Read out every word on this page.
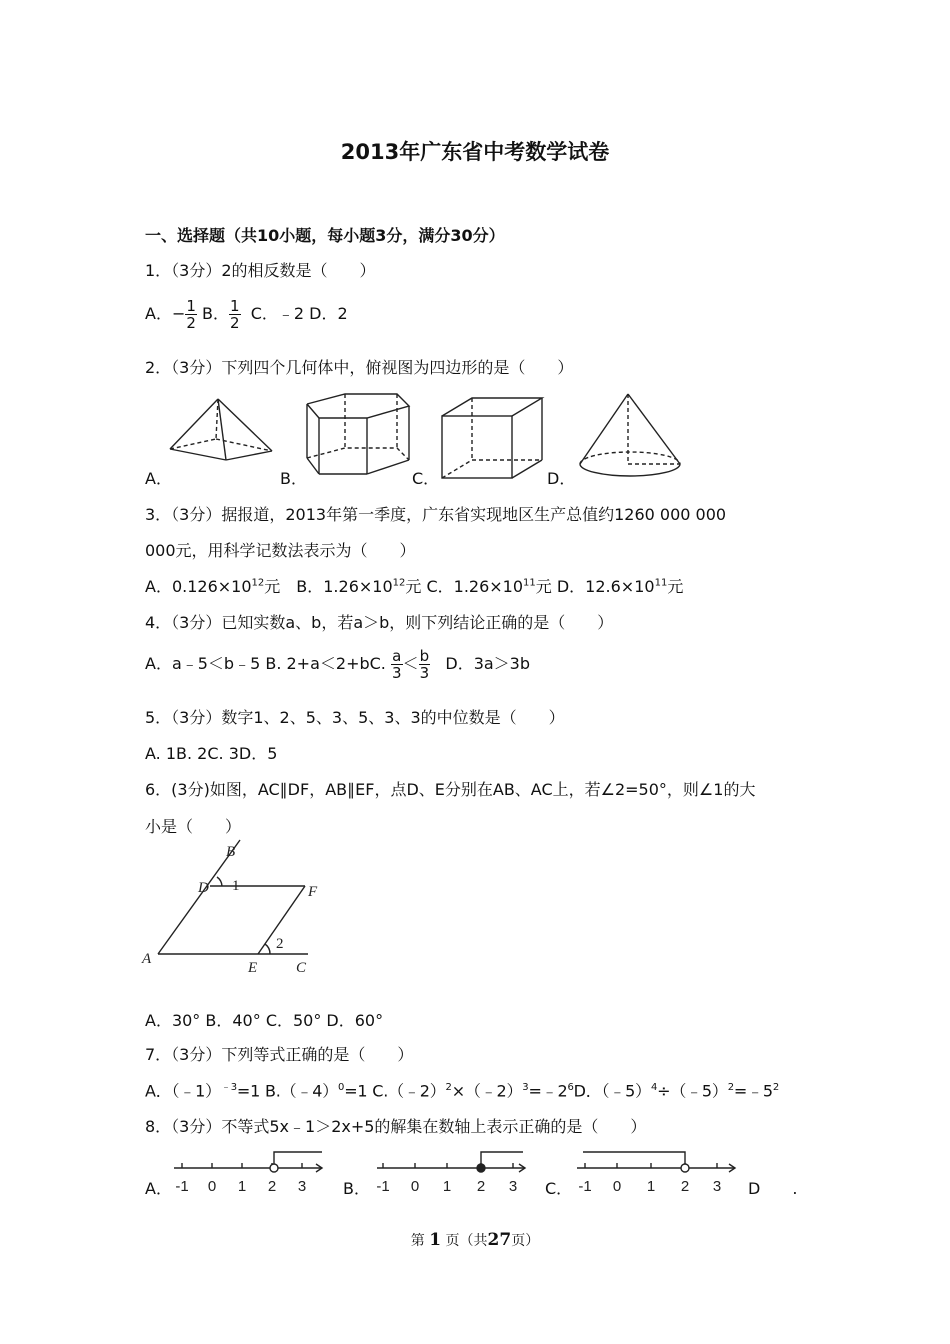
2013年广东省中考数学试卷
一、选择题（共10小题，每小题3分，满分30分）
1．（3分）2的相反数是（　　）
A．− $\frac{1}{2}$ B． $\frac{1}{2}$ C．﹣2 D．2
2．（3分）下列四个几何体中，俯视图为四边形的是（　　）
A．	B．	C．	D．
3．（3分）据报道，2013年第一季度，广东省实现地区生产总值约1260 000 000
000元，用科学记数法表示为（　　）
A．$0.126\times 10^{12}$元　B．$1.26\times 10^{12}$元 C．$1.26\times 10^{11}$元 D．$12.6\times 10^{11}$元
4．（3分）已知实数a、b，若a＞b，则下列结论正确的是（　　）
A．a﹣5＜b﹣5 B. 2+a＜2+bC. $\frac{a}{3} < \frac{b}{3}$ D．3a＞3b
5．（3分）数字1、2、5、3、5、3、3的中位数是（　　）
A. 1B. 2C. 3D．5
6．(3分)如图，AC∥DF，AB∥EF，点D、E分别在AB、AC上，若∠2=50°，则∠1的大
小是（　　）
B
D 1	F
A
E
2
C
A．30° B．40° C．50° D．60°
7．（3分）下列等式正确的是（　　）
A．（﹣1）$^{﹣3}$=1 B.（﹣4）$^0$=1 $C.(﹣2)^2\times(﹣2)^3=﹣2^6D$．$(﹣5)^4\div(﹣5)^2=﹣5^2$
8．（3分）不等式5x﹣1＞2x+5的解集在数轴上表示正确的是（　　）
A． -1 0 1 2 3 B． -1 0 1 2 3 C． -1 0 1 2 3 D　　.
第 1 页（共27页）
